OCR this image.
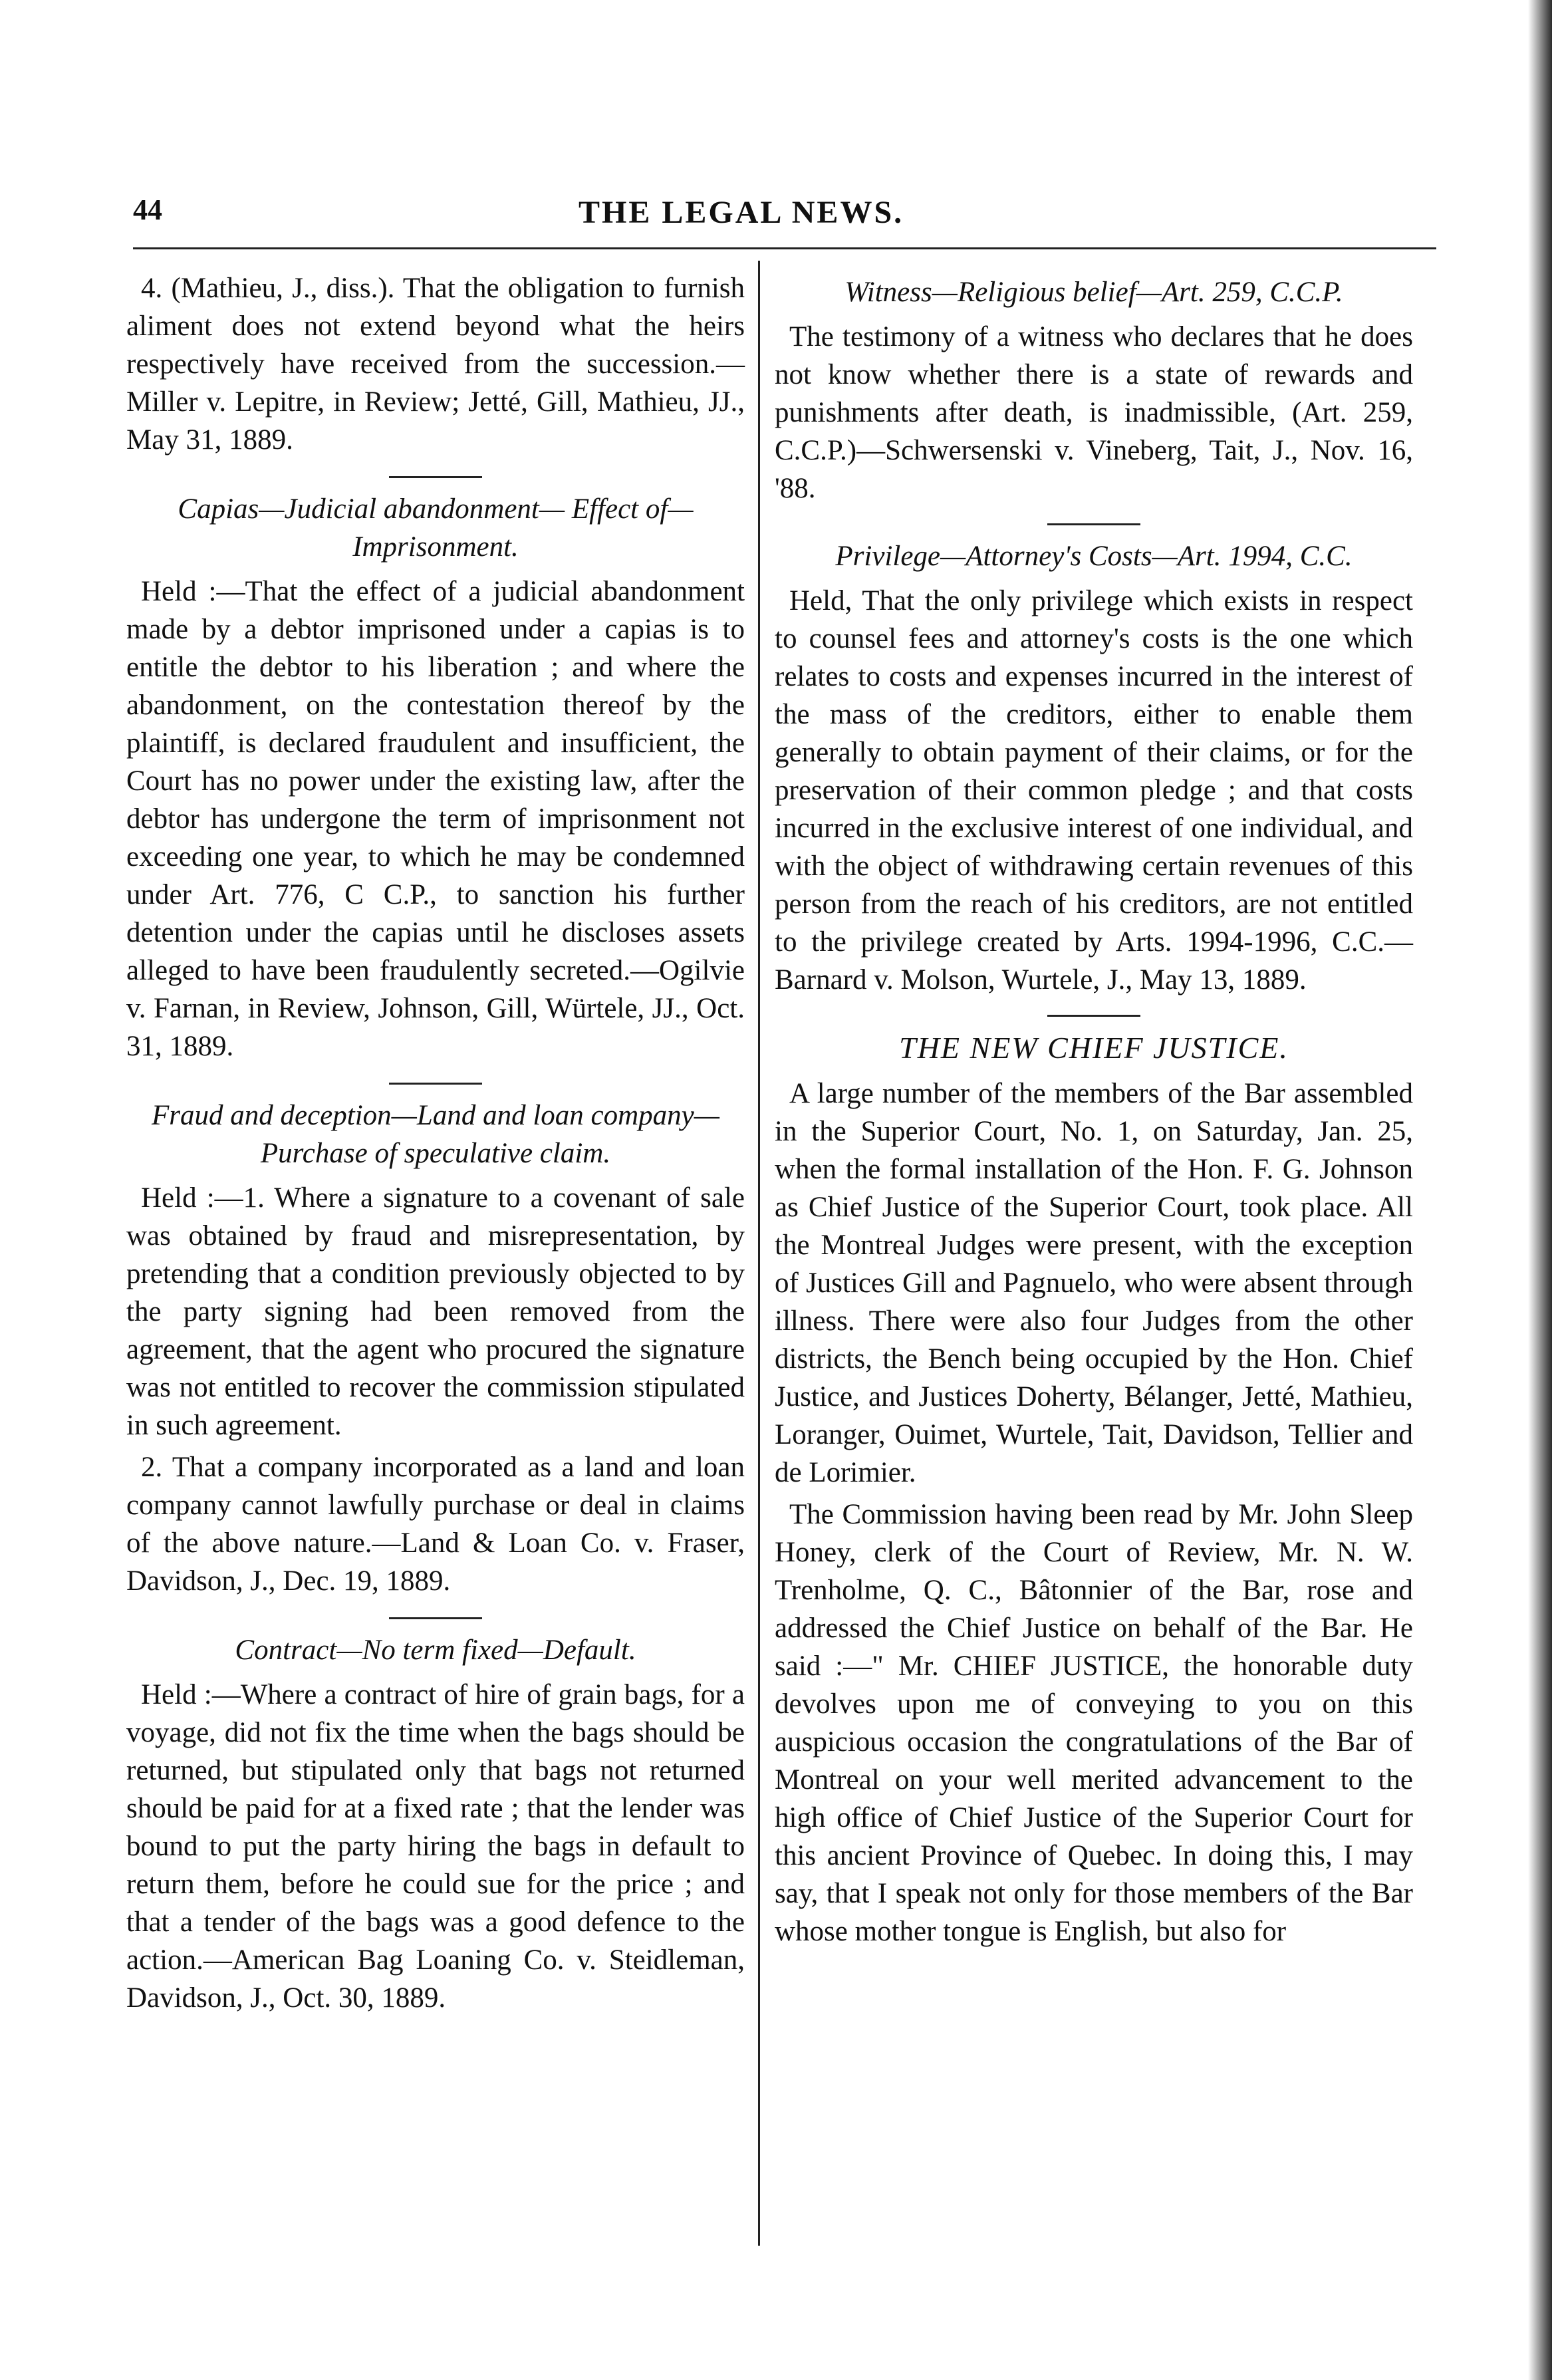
44	THE LEGAL NEWS.

4. (Mathieu, J., diss.). That the obligation to furnish aliment does not extend beyond what the heirs respectively have received from the succession.—Miller v. Lepitre, in Review; Jetté, Gill, Mathieu, JJ., May 31, 1889.

Capias—Judicial abandonment— Effect of— Imprisonment.

Held :—That the effect of a judicial abandonment made by a debtor imprisoned under a capias is to entitle the debtor to his liberation ; and where the abandonment, on the contestation thereof by the plaintiff, is declared fraudulent and insufficient, the Court has no power under the existing law, after the debtor has undergone the term of imprisonment not exceeding one year, to which he may be condemned under Art. 776, C C.P., to sanction his further detention under the capias until he discloses assets alleged to have been fraudulently secreted.—Ogilvie v. Farnan, in Review, Johnson, Gill, Würtele, JJ., Oct. 31, 1889.

Fraud and deception—Land and loan company—Purchase of speculative claim.

Held :—1. Where a signature to a covenant of sale was obtained by fraud and misrepresentation, by pretending that a condition previously objected to by the party signing had been removed from the agreement, that the agent who procured the signature was not entitled to recover the commission stipulated in such agreement.

2. That a company incorporated as a land and loan company cannot lawfully purchase or deal in claims of the above nature.—Land & Loan Co. v. Fraser, Davidson, J., Dec. 19, 1889.

Contract—No term fixed—Default.

Held :—Where a contract of hire of grain bags, for a voyage, did not fix the time when the bags should be returned, but stipulated only that bags not returned should be paid for at a fixed rate ; that the lender was bound to put the party hiring the bags in default to return them, before he could sue for the price ; and that a tender of the bags was a good defence to the action.—American Bag Loaning Co. v. Steidleman, Davidson, J., Oct. 30, 1889.

Witness—Religious belief—Art. 259, C.C.P.

The testimony of a witness who declares that he does not know whether there is a state of rewards and punishments after death, is inadmissible, (Art. 259, C.C.P.)—Schwersenski v. Vineberg, Tait, J., Nov. 16, '88.

Privilege—Attorney's Costs—Art. 1994, C.C.

Held, That the only privilege which exists in respect to counsel fees and attorney's costs is the one which relates to costs and expenses incurred in the interest of the mass of the creditors, either to enable them generally to obtain payment of their claims, or for the preservation of their common pledge ; and that costs incurred in the exclusive interest of one individual, and with the object of withdrawing certain revenues of this person from the reach of his creditors, are not entitled to the privilege created by Arts. 1994-1996, C.C.—Barnard v. Molson, Wurtele, J., May 13, 1889.

THE NEW CHIEF JUSTICE.

A large number of the members of the Bar assembled in the Superior Court, No. 1, on Saturday, Jan. 25, when the formal installation of the Hon. F. G. Johnson as Chief Justice of the Superior Court, took place. All the Montreal Judges were present, with the exception of Justices Gill and Pagnuelo, who were absent through illness. There were also four Judges from the other districts, the Bench being occupied by the Hon. Chief Justice, and Justices Doherty, Bélanger, Jetté, Mathieu, Loranger, Ouimet, Wurtele, Tait, Davidson, Tellier and de Lorimier.

The Commission having been read by Mr. John Sleep Honey, clerk of the Court of Review, Mr. N. W. Trenholme, Q. C., Bâtonnier of the Bar, rose and addressed the Chief Justice on behalf of the Bar. He said :—" Mr. CHIEF JUSTICE, the honorable duty devolves upon me of conveying to you on this auspicious occasion the congratulations of the Bar of Montreal on your well merited advancement to the high office of Chief Justice of the Superior Court for this ancient Province of Quebec. In doing this, I may say, that I speak not only for those members of the Bar whose mother tongue is English, but also for
